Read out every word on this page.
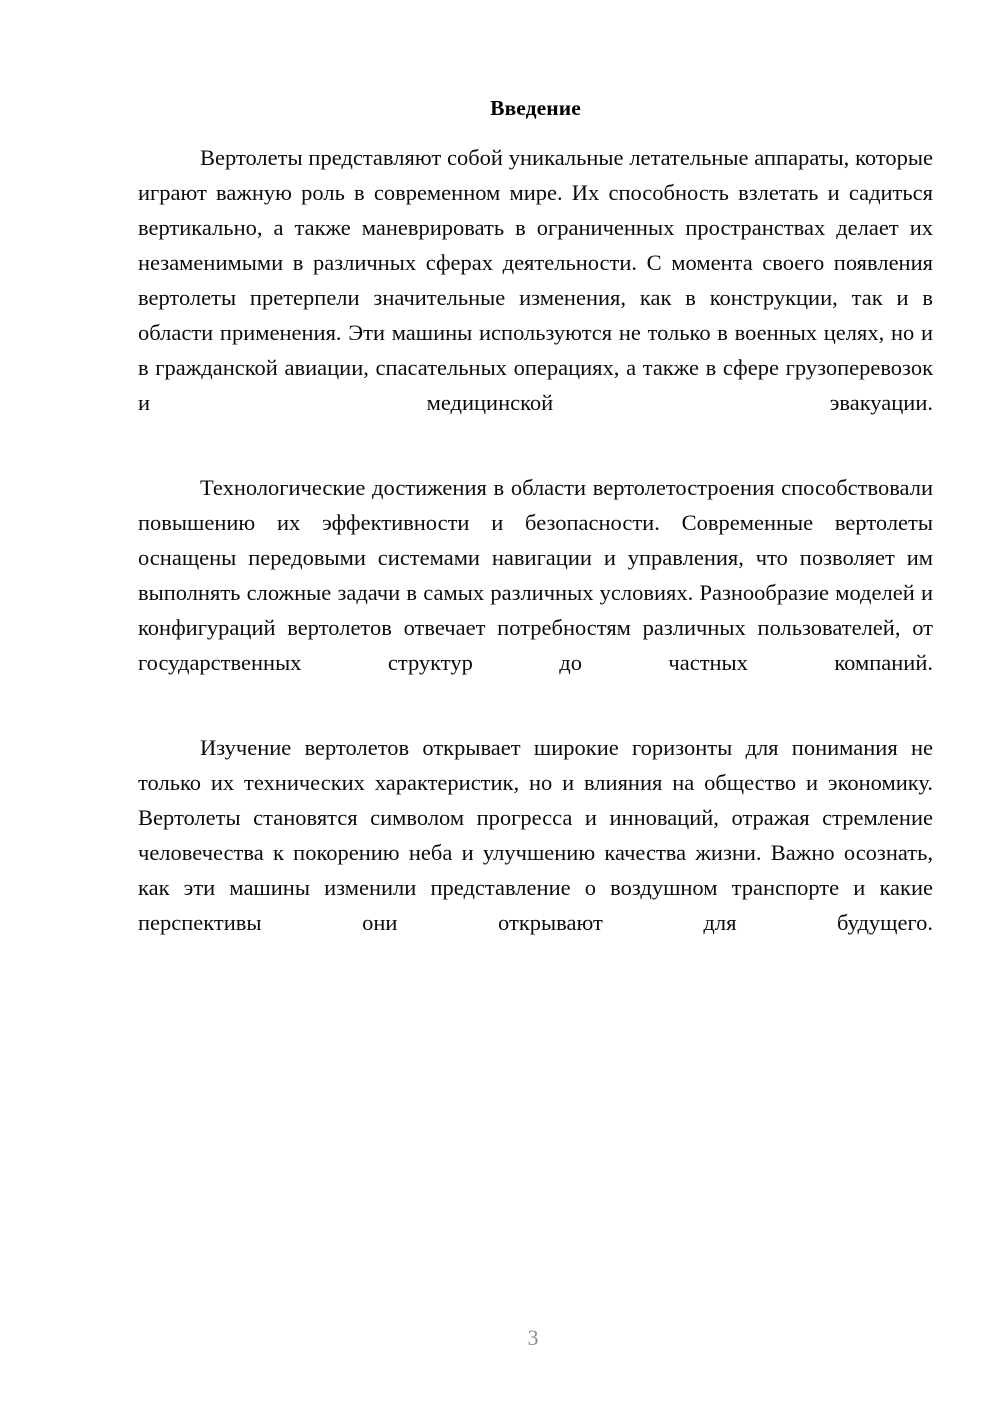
Введение

Вертолеты представляют собой уникальные летательные аппараты, которые играют важную роль в современном мире. Их способность взлетать и садиться вертикально, а также маневрировать в ограниченных пространствах делает их незаменимыми в различных сферах деятельности. С момента своего появления вертолеты претерпели значительные изменения, как в конструкции, так и в области применения. Эти машины используются не только в военных целях, но и в гражданской авиации, спасательных операциях, а также в сфере грузоперевозок и медицинской эвакуации.

Технологические достижения в области вертолетостроения способствовали повышению их эффективности и безопасности. Современные вертолеты оснащены передовыми системами навигации и управления, что позволяет им выполнять сложные задачи в самых различных условиях. Разнообразие моделей и конфигураций вертолетов отвечает потребностям различных пользователей, от государственных структур до частных компаний.

Изучение вертолетов открывает широкие горизонты для понимания не только их технических характеристик, но и влияния на общество и экономику. Вертолеты становятся символом прогресса и инноваций, отражая стремление человечества к покорению неба и улучшению качества жизни. Важно осознать, как эти машины изменили представление о воздушном транспорте и какие перспективы они открывают для будущего.

3
